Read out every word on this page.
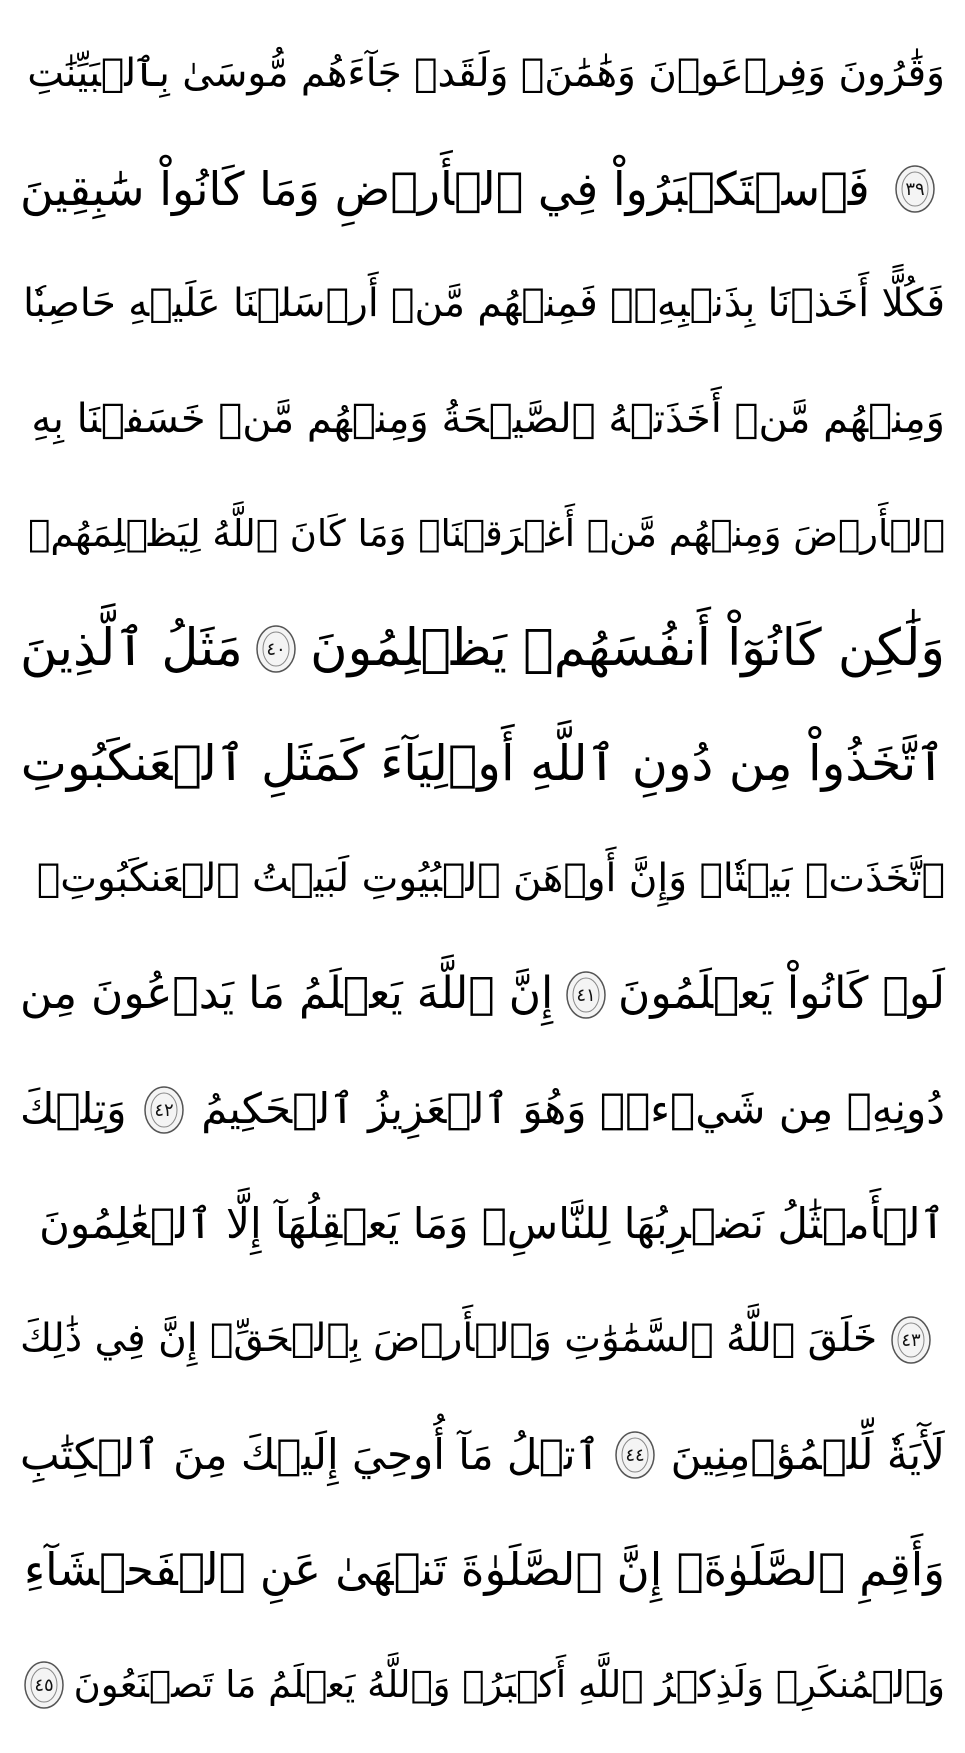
وَقَٰرُونَ وَفِرۡعَوۡنَ وَهَٰمَٰنَۖ وَلَقَدۡ جَآءَهُم مُّوسَىٰ بِٱلۡبَيِّنَٰتِ
٣٩
فَٱسۡتَكۡبَرُواْ فِي ٱلۡأَرۡضِ وَمَا كَانُواْ سَٰبِقِينَ
فَكُلًّا أَخَذۡنَا بِذَنۢبِهِۦۖ فَمِنۡهُم مَّنۡ أَرۡسَلۡنَا عَلَيۡهِ حَاصِبٗا
وَمِنۡهُم مَّنۡ أَخَذَتۡهُ ٱلصَّيۡحَةُ وَمِنۡهُم مَّنۡ خَسَفۡنَا بِهِ
ٱلۡأَرۡضَ وَمِنۡهُم مَّنۡ أَغۡرَقۡنَاۚ وَمَا كَانَ ٱللَّهُ لِيَظۡلِمَهُمۡ
وَلَٰكِن كَانُوٓاْ أَنفُسَهُمۡ يَظۡلِمُونَ
٤٠
مَثَلُ ٱلَّذِينَ
ٱتَّخَذُواْ مِن دُونِ ٱللَّهِ أَوۡلِيَآءَ كَمَثَلِ ٱلۡعَنكَبُوتِ
ٱتَّخَذَتۡ بَيۡتٗاۖ وَإِنَّ أَوۡهَنَ ٱلۡبُيُوتِ لَبَيۡتُ ٱلۡعَنكَبُوتِۚ
لَوۡ كَانُواْ يَعۡلَمُونَ
٤١
إِنَّ ٱللَّهَ يَعۡلَمُ مَا يَدۡعُونَ مِن
دُونِهِۦ مِن شَيۡءٖۚ وَهُوَ ٱلۡعَزِيزُ ٱلۡحَكِيمُ
٤٢
وَتِلۡكَ
ٱلۡأَمۡثَٰلُ نَضۡرِبُهَا لِلنَّاسِۖ وَمَا يَعۡقِلُهَآ إِلَّا ٱلۡعَٰلِمُونَ
٤٣
خَلَقَ ٱللَّهُ ٱلسَّمَٰوَٰتِ وَٱلۡأَرۡضَ بِٱلۡحَقِّۚ إِنَّ فِي ذَٰلِكَ
لَأٓيَةٗ لِّلۡمُؤۡمِنِينَ
٤٤
ٱتۡلُ مَآ أُوحِيَ إِلَيۡكَ مِنَ ٱلۡكِتَٰبِ
وَأَقِمِ ٱلصَّلَوٰةَۖ إِنَّ ٱلصَّلَوٰةَ تَنۡهَىٰ عَنِ ٱلۡفَحۡشَآءِ
وَٱلۡمُنكَرِۗ وَلَذِكۡرُ ٱللَّهِ أَكۡبَرُۗ وَٱللَّهُ يَعۡلَمُ مَا تَصۡنَعُونَ
٤٥
